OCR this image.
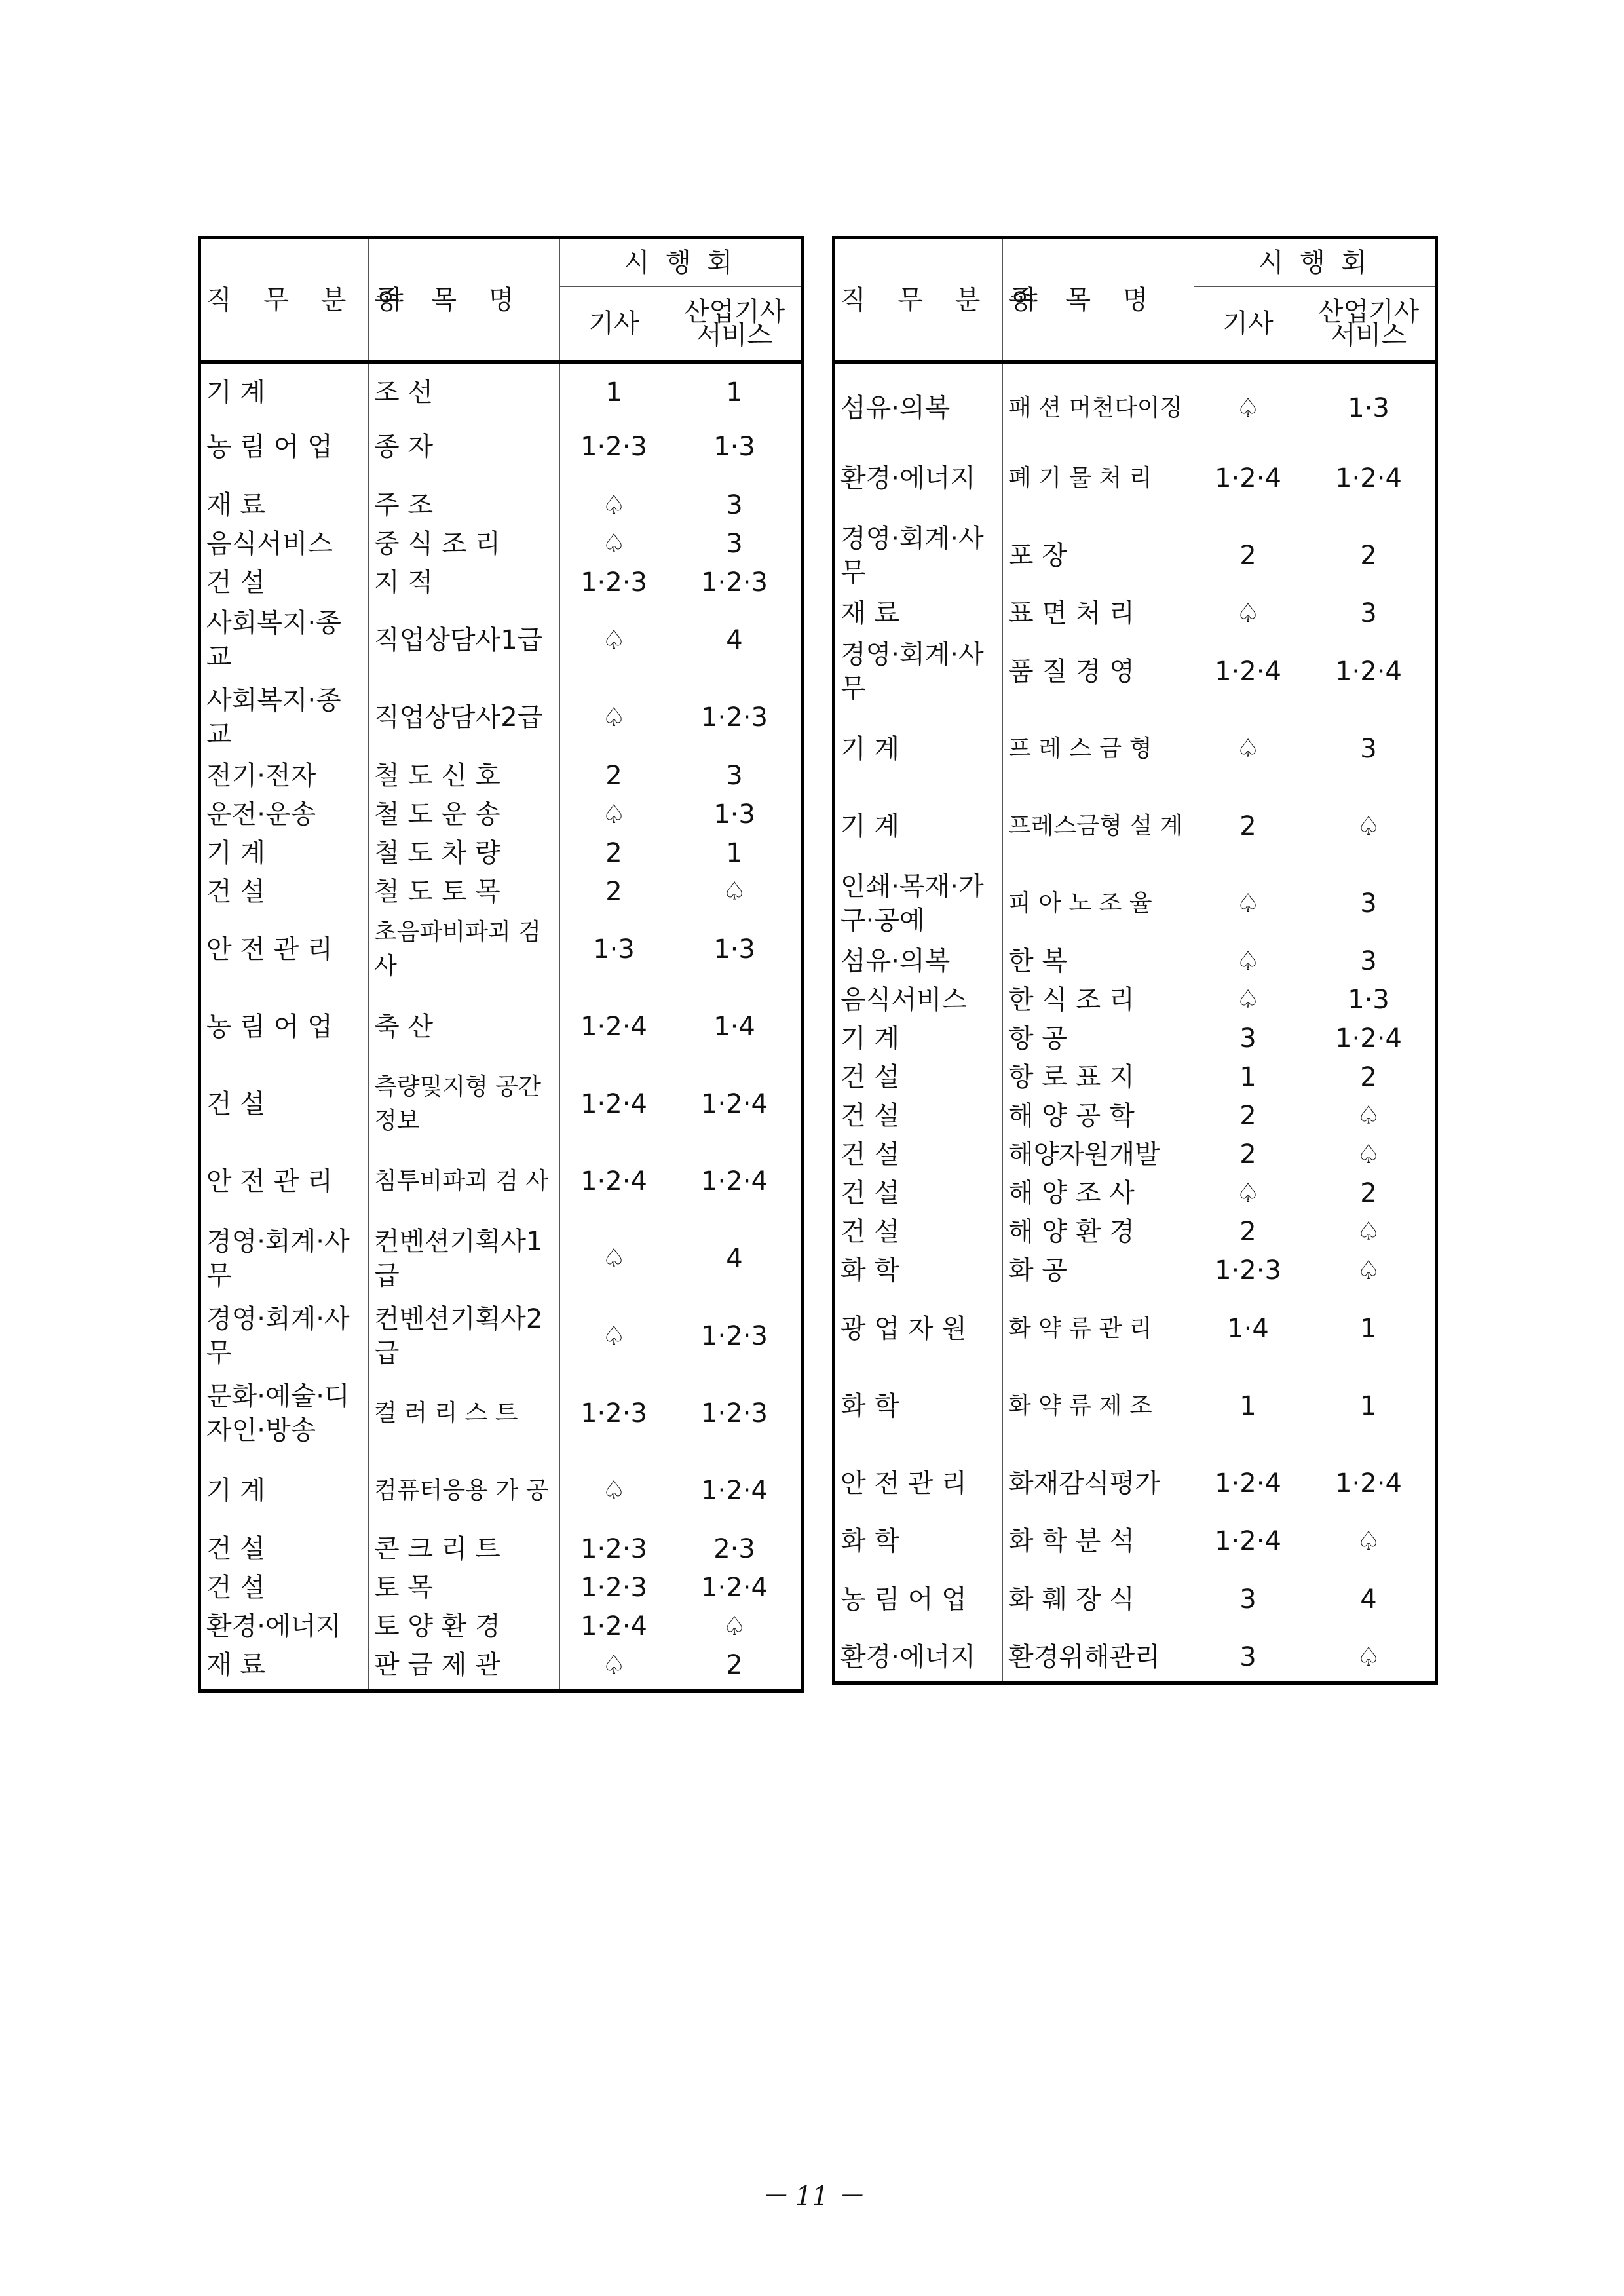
직 무 분 야	종 목 명	시 행 회	
		기사	산업기사 서비스
기 계	조 선	1	1
농 림 어 업	종 자	1·2·3	1·3
재 료	주 조	♤	3
음식서비스	중 식 조 리	♤	3
건 설	지 적	1·2·3	1·2·3
사회복지·종 교	직업상담사1급	♤	4
사회복지·종 교	직업상담사2급	♤	1·2·3
전기·전자	철 도 신 호	2	3
운전·운송	철 도 운 송	♤	1·3
기 계	철 도 차 량	2	1
건 설	철 도 토 목	2	♤
안 전 관 리	초음파비파괴 검 사	1·3	1·3
농 림 어 업	축 산	1·2·4	1·4
건 설	측량및지형 공간정보	1·2·4	1·2·4
안 전 관 리	침투비파괴 검 사	1·2·4	1·2·4
경영·회계·사 무	컨벤션기획사1급	♤	4
경영·회계·사 무	컨벤션기획사2급	♤	1·2·3
문화·예술·디자인·방송	컬 러 리 스 트	1·2·3	1·2·3
기 계	컴퓨터응용 가 공	♤	1·2·4
건 설	콘 크 리 트	1·2·3	2·3
건 설	토 목	1·2·3	1·2·4
환경·에너지	토 양 환 경	1·2·4	♤
재 료	판 금 제 관	♤	2

직 무 분 야	종 목 명	시 행 회	
		기사	산업기사 서비스
섬유·의복	패 션 머천다이징	♤	1·3
환경·에너지	폐 기 물 처 리	1·2·4	1·2·4
경영·회계·사 무	포 장	2	2
재 료	표 면 처 리	♤	3
경영·회계·사 무	품 질 경 영	1·2·4	1·2·4
기 계	프 레 스 금 형	♤	3
기 계	프레스금형 설 계	2	♤
인쇄·목재·가구·공예	피 아 노 조 율	♤	3
섬유·의복	한 복	♤	3
음식서비스	한 식 조 리	♤	1·3
기 계	항 공	3	1·2·4
건 설	항 로 표 지	1	2
건 설	해 양 공 학	2	♤
건 설	해양자원개발	2	♤
건 설	해 양 조 사	♤	2
건 설	해 양 환 경	2	♤
화 학	화 공	1·2·3	♤
광 업 자 원	화 약 류 관 리	1·4	1
화 학	화 약 류 제 조	1	1
안 전 관 리	화재감식평가	1·2·4	1·2·4
화 학	화 학 분 석	1·2·4	♤
농 림 어 업	화 훼 장 식	3	4
환경·에너지	환경위해관리	3	♤

－ 11 －
